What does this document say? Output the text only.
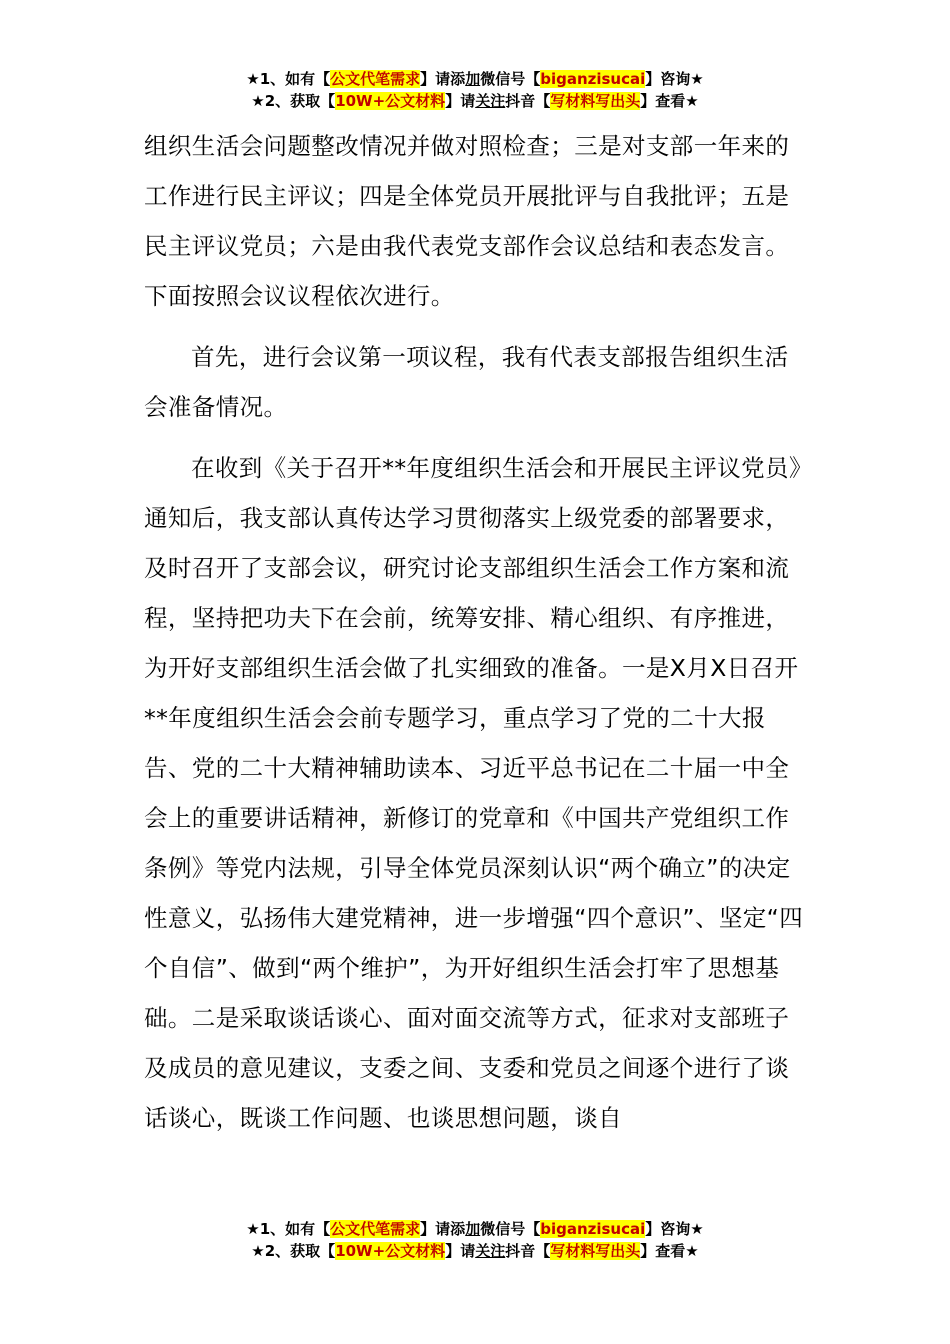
★1、如有【公文代笔需求】请添加微信号【biganzisucai】咨询★
★2、获取【10W+公文材料】请关注抖音【写材料写出头】查看★

组织生活会问题整改情况并做对照检查；三是对支部一年来的工作进行民主评议；四是全体党员开展批评与自我批评；五是民主评议党员；六是由我代表党支部作会议总结和表态发言。下面按照会议议程依次进行。

首先，进行会议第一项议程，我有代表支部报告组织生活会准备情况。

在收到《关于召开**年度组织生活会和开展民主评议党员》通知后，我支部认真传达学习贯彻落实上级党委的部署要求，及时召开了支部会议，研究讨论支部组织生活会工作方案和流程，坚持把功夫下在会前，统筹安排、精心组织、有序推进，为开好支部组织生活会做了扎实细致的准备。一是X月X日召开**年度组织生活会会前专题学习，重点学习了党的二十大报告、党的二十大精神辅助读本、习近平总书记在二十届一中全会上的重要讲话精神，新修订的党章和《中国共产党组织工作条例》等党内法规，引导全体党员深刻认识“两个确立”的决定性意义，弘扬伟大建党精神，进一步增强“四个意识”、坚定“四个自信”、做到“两个维护”，为开好组织生活会打牢了思想基础。二是采取谈话谈心、面对面交流等方式，征求对支部班子及成员的意见建议，支委之间、支委和党员之间逐个进行了谈话谈心，既谈工作问题、也谈思想问题，谈自

★1、如有【公文代笔需求】请添加微信号【biganzisucai】咨询★
★2、获取【10W+公文材料】请关注抖音【写材料写出头】查看★
